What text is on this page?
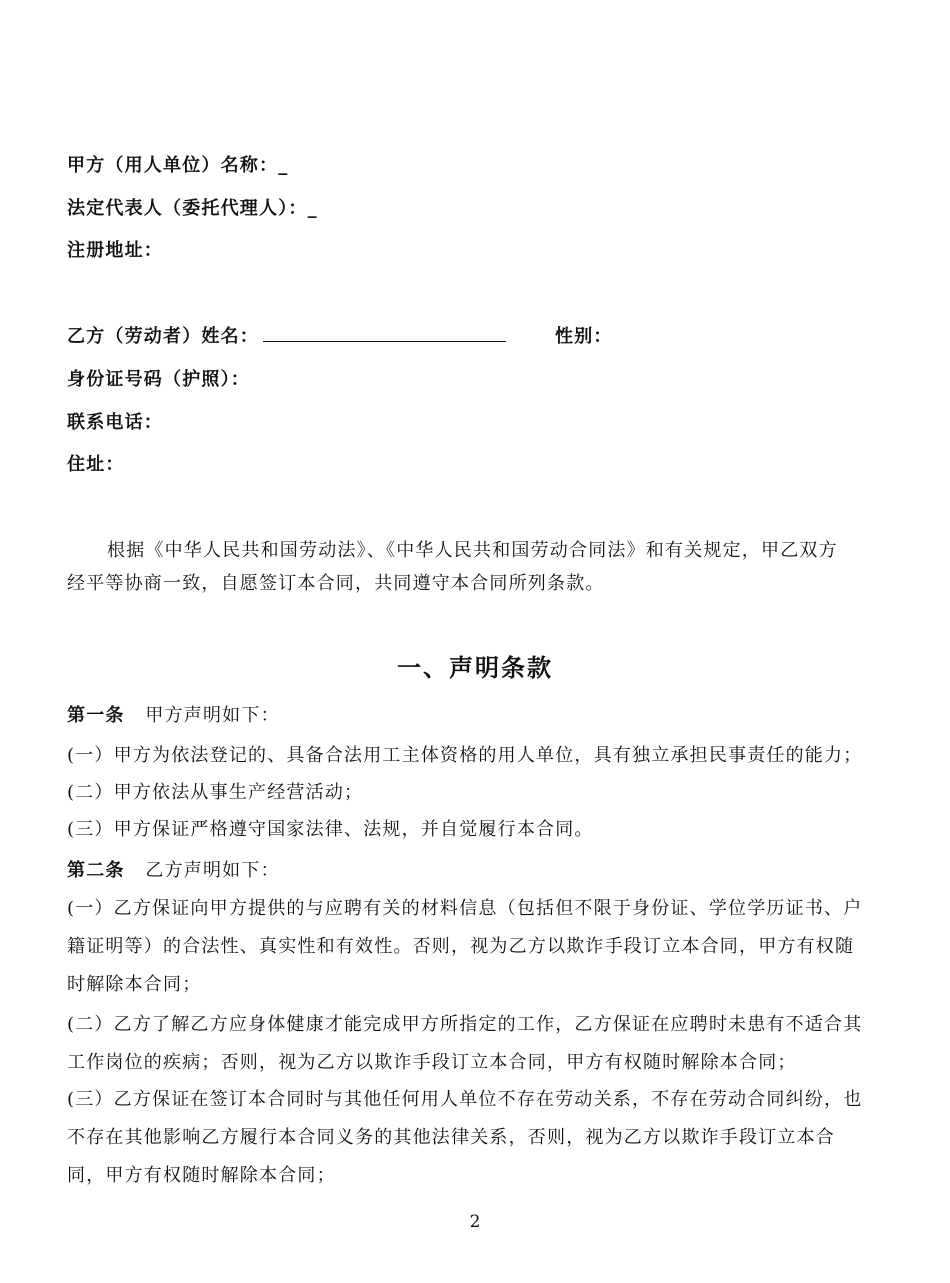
甲方（用人单位）名称：_
法定代表人（委托代理人）：_
注册地址：
乙方（劳动者）姓名：	性别：
身份证号码（护照）：
联系电话：
住址：
根据《中华人民共和国劳动法》、《中华人民共和国劳动合同法》和有关规定，甲乙双方
经平等协商一致，自愿签订本合同，共同遵守本合同所列条款。
一、声明条款
第一条 甲方声明如下：
(一）甲方为依法登记的、具备合法用工主体资格的用人单位，具有独立承担民事责任的能力；
(二）甲方依法从事生产经营活动；
(三）甲方保证严格遵守国家法律、法规，并自觉履行本合同。
第二条 乙方声明如下：
(一）乙方保证向甲方提供的与应聘有关的材料信息（包括但不限于身份证、学位学历证书、户
籍证明等）的合法性、真实性和有效性。否则，视为乙方以欺诈手段订立本合同，甲方有权随
时解除本合同；
(二）乙方了解乙方应身体健康才能完成甲方所指定的工作，乙方保证在应聘时未患有不适合其
工作岗位的疾病；否则，视为乙方以欺诈手段订立本合同，甲方有权随时解除本合同；
(三）乙方保证在签订本合同时与其他任何用人单位不存在劳动关系，不存在劳动合同纠纷，也
不存在其他影响乙方履行本合同义务的其他法律关系，否则，视为乙方以欺诈手段订立本合
同，甲方有权随时解除本合同；
2
